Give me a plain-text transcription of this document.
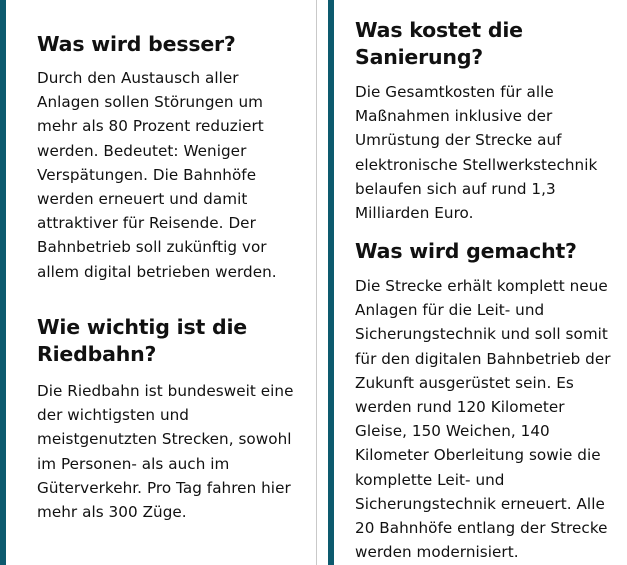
Was wird besser?

Durch den Austausch aller
Anlagen sollen Störungen um
mehr als 80 Prozent reduziert
werden. Bedeutet: Weniger
Verspätungen. Die Bahnhöfe
werden erneuert und damit
attraktiver für Reisende. Der
Bahnbetrieb soll zukünftig vor
allem digital betrieben werden.

Wie wichtig ist die
Riedbahn?

Die Riedbahn ist bundesweit eine
der wichtigsten und
meistgenutzten Strecken, sowohl
im Personen- als auch im
Güterverkehr. Pro Tag fahren hier
mehr als 300 Züge.

Was kostet die
Sanierung?

Die Gesamtkosten für alle
Maßnahmen inklusive der
Umrüstung der Strecke auf
elektronische Stellwerkstechnik
belaufen sich auf rund 1,3
Milliarden Euro.

Was wird gemacht?

Die Strecke erhält komplett neue
Anlagen für die Leit- und
Sicherungstechnik und soll somit
für den digitalen Bahnbetrieb der
Zukunft ausgerüstet sein. Es
werden rund 120 Kilometer
Gleise, 150 Weichen, 140
Kilometer Oberleitung sowie die
komplette Leit- und
Sicherungstechnik erneuert. Alle
20 Bahnhöfe entlang der Strecke
werden modernisiert.
